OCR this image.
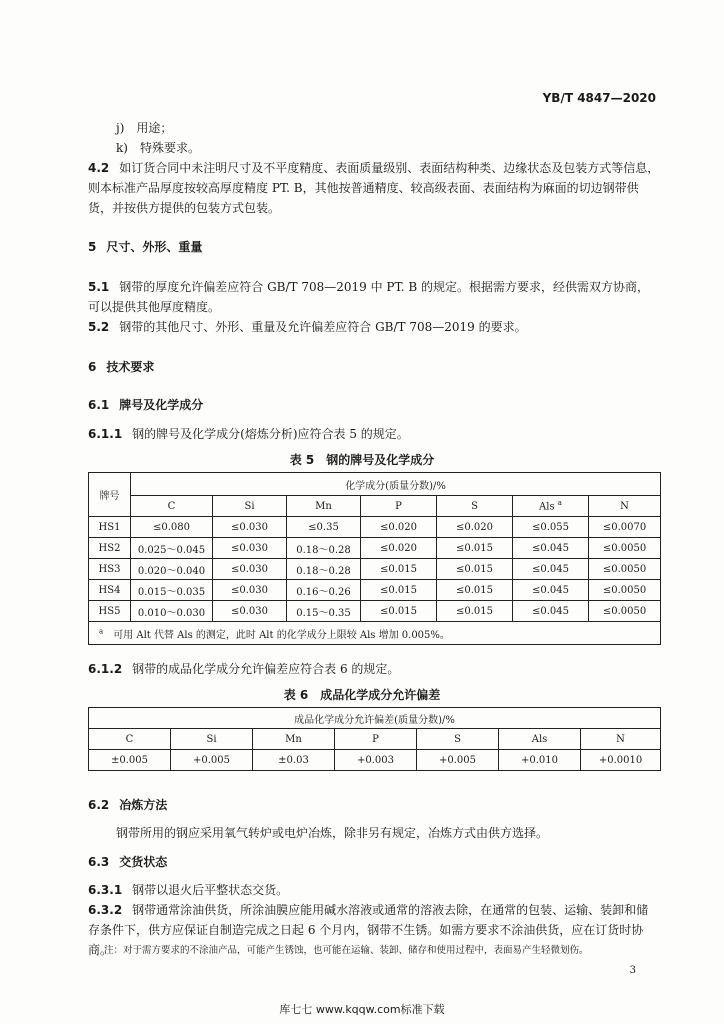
YB/T 4847—2020
j)　用途；
k)　特殊要求。
4.2 如订货合同中未注明尺寸及不平度精度、表面质量级别、表面结构种类、边缘状态及包装方式等信息，则本标准产品厚度按较高厚度精度 PT. B，其他按普通精度、较高级表面、表面结构为麻面的切边钢带供货，并按供方提供的包装方式包装。
5 尺寸、外形、重量
5.1 钢带的厚度允许偏差应符合 GB/T 708—2019 中 PT. B 的规定。根据需方要求，经供需双方协商，可以提供其他厚度精度。
5.2 钢带的其他尺寸、外形、重量及允许偏差应符合 GB/T 708—2019 的要求。
6 技术要求
6.1 牌号及化学成分
6.1.1 钢的牌号及化学成分(熔炼分析)应符合表 5 的规定。
表 5　钢的牌号及化学成分
牌号	化学成分(质量分数)/%						
	C	Si	Mn	P	S	Als $^a$	N
HS1	≤0.080	≤0.030	≤0.35	≤0.020	≤0.020	≤0.055	≤0.0070
HS2	0.025～0.045	≤0.030	0.18～0.28	≤0.020	≤0.015	≤0.045	≤0.0050
HS3	0.020～0.040	≤0.030	0.18～0.28	≤0.015	≤0.015	≤0.045	≤0.0050
HS4	0.015～0.035	≤0.030	0.16～0.26	≤0.015	≤0.015	≤0.045	≤0.0050
HS5	0.010～0.030	≤0.030	0.15～0.35	≤0.015	≤0.015	≤0.045	≤0.0050
$^a$　 可用 Alt 代替 Als 的测定，此时 Alt 的化学成分上限较 Als 增加 0.005%。							
6.1.2 钢带的成品化学成分允许偏差应符合表 6 的规定。
表 6　成品化学成分允许偏差
成品化学成分允许偏差(质量分数)/%						
C	Si	Mn	P	S	Als	N
±0.005	+0.005	±0.03	+0.003	+0.005	+0.010	+0.0010
6.2 冶炼方法
钢带所用的钢应采用氧气转炉或电炉冶炼，除非另有规定，冶炼方式由供方选择。
6.3 交货状态
6.3.1 钢带以退火后平整状态交货。
6.3.2 钢带通常涂油供货，所涂油膜应能用碱水溶液或通常的溶液去除，在通常的包装、运输、装卸和储存条件下，供方应保证自制造完成之日起 6 个月内，钢带不生锈。如需方要求不涂油供货，应在订货时协商。
注：对于需方要求的不涂油产品，可能产生锈蚀，也可能在运输、装卸、储存和使用过程中，表面易产生轻微划伤。
3
库七七 www.kqqw.com标准下载
